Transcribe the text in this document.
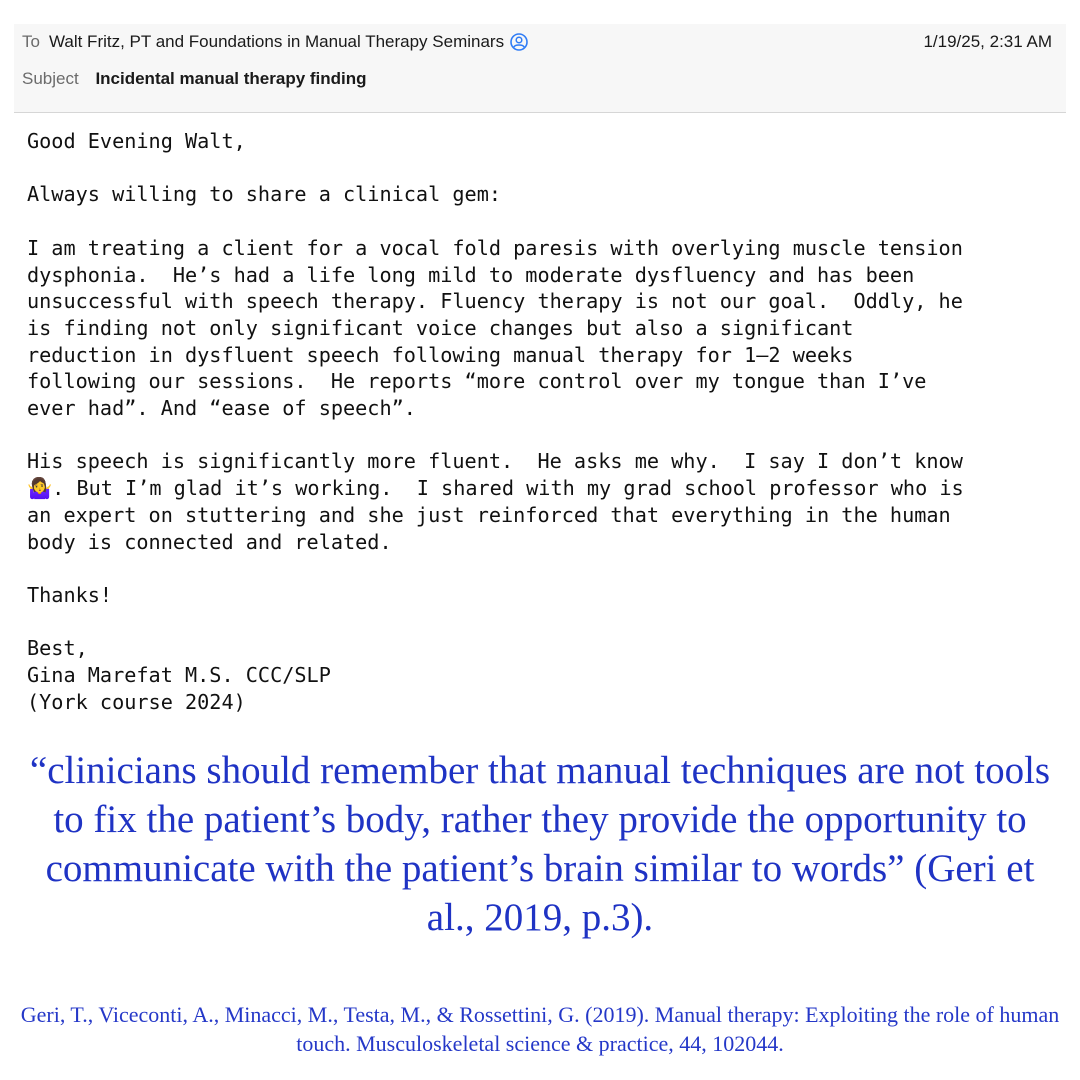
To Walt Fritz, PT and Foundations in Manual Therapy Seminars	1/19/25, 2:31 AM
Subject Incidental manual therapy finding
Good Evening Walt,

Always willing to share a clinical gem:

I am treating a client for a vocal fold paresis with overlying muscle tension
dysphonia.  He’s had a life long mild to moderate dysfluency and has been
unsuccessful with speech therapy. Fluency therapy is not our goal.  Oddly, he
is finding not only significant voice changes but also a significant
reduction in dysfluent speech following manual therapy for 1–2 weeks
following our sessions.  He reports “more control over my tongue than I’ve
ever had”. And “ease of speech”.

His speech is significantly more fluent.  He asks me why.  I say I don’t know
🤷‍♀️. But I’m glad it’s working.  I shared with my grad school professor who is
an expert on stuttering and she just reinforced that everything in the human
body is connected and related.

Thanks!

Best,
Gina Marefat M.S. CCC/SLP
(York course 2024)

“clinicians should remember that manual techniques are not tools to fix the patient’s body, rather they provide the opportunity to communicate with the patient’s brain similar to words” (Geri et al., 2019, p.3).

Geri, T., Viceconti, A., Minacci, M., Testa, M., & Rossettini, G. (2019). Manual therapy: Exploiting the role of human touch. Musculoskeletal science & practice, 44, 102044.
